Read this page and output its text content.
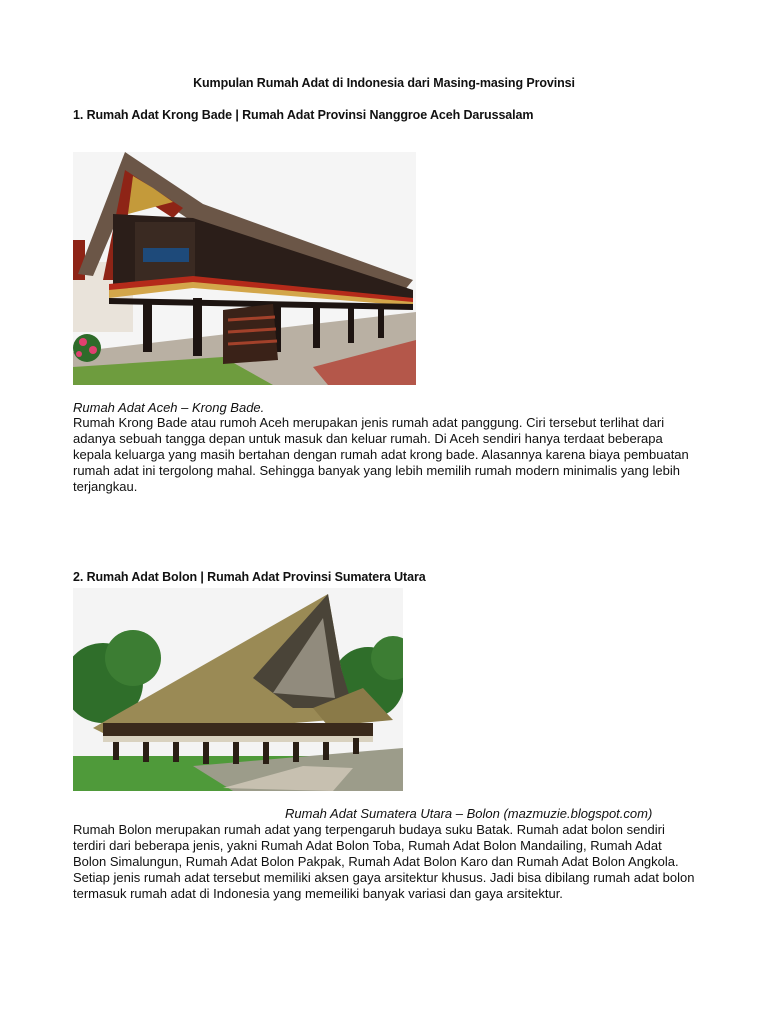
Kumpulan Rumah Adat di Indonesia dari Masing-masing Provinsi
1. Rumah Adat Krong Bade | Rumah Adat Provinsi Nanggroe Aceh Darussalam
Rumah Adat Aceh – Krong Bade.

Rumah Krong Bade atau rumoh Aceh merupakan jenis rumah adat panggung. Ciri tersebut terlihat dari adanya sebuah tangga depan untuk masuk dan keluar rumah. Di Aceh sendiri hanya terdaat beberapa kepala keluarga yang masih bertahan dengan rumah adat krong bade. Alasannya karena biaya pembuatan rumah adat ini tergolong mahal. Sehingga banyak yang lebih memilih rumah modern minimalis yang lebih terjangkau.

2. Rumah Adat Bolon | Rumah Adat Provinsi Sumatera Utara
Rumah Adat Sumatera Utara – Bolon (mazmuzie.blogspot.com)

Rumah Bolon merupakan rumah adat yang terpengaruh budaya suku Batak. Rumah adat bolon sendiri terdiri dari beberapa jenis, yakni Rumah Adat Bolon Toba, Rumah Adat Bolon Mandailing, Rumah Adat Bolon Simalungun, Rumah Adat Bolon Pakpak, Rumah Adat Bolon Karo dan Rumah Adat Bolon Angkola. Setiap jenis rumah adat tersebut memiliki aksen gaya arsitektur khusus. Jadi bisa dibilang rumah adat bolon termasuk rumah adat di Indonesia yang memeiliki banyak variasi dan gaya arsitektur.
